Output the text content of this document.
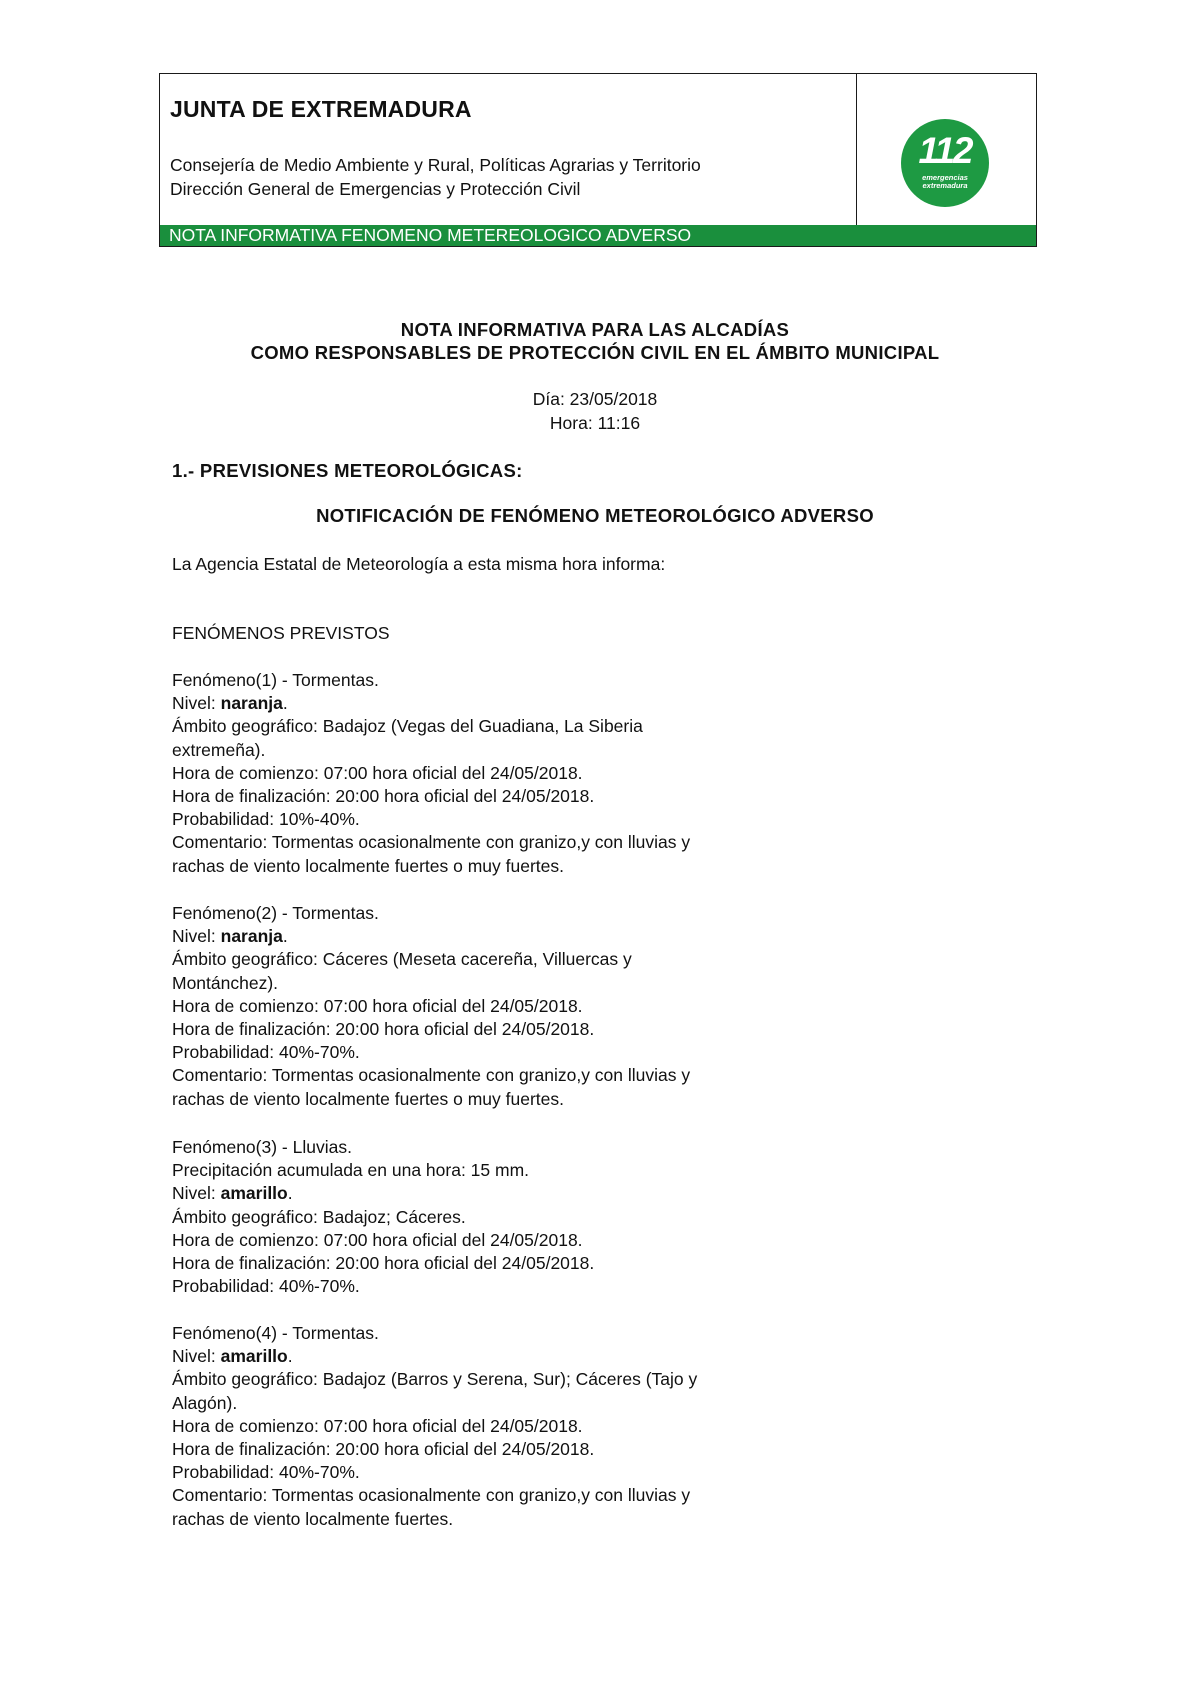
JUNTA DE EXTREMADURA
Consejería de Medio Ambiente y Rural, Políticas Agrarias y Territorio
Dirección General de Emergencias y Protección Civil
112
emergencias
extremadura
NOTA INFORMATIVA FENOMENO METEREOLOGICO ADVERSO
NOTA INFORMATIVA PARA LAS ALCADÍAS
COMO RESPONSABLES DE PROTECCIÓN CIVIL EN EL ÁMBITO MUNICIPAL
Día: 23/05/2018
Hora: 11:16
1.- PREVISIONES METEOROLÓGICAS:
NOTIFICACIÓN DE FENÓMENO METEOROLÓGICO ADVERSO
La Agencia Estatal de Meteorología a esta misma hora informa:
FENÓMENOS PREVISTOS

Fenómeno(1) - Tormentas.

Nivel: naranja.

Ámbito geográfico: Badajoz (Vegas del Guadiana, La Siberia

extremeña).

Hora de comienzo: 07:00 hora oficial del 24/05/2018.

Hora de finalización: 20:00 hora oficial del 24/05/2018.

Probabilidad: 10%-40%.

Comentario: Tormentas ocasionalmente con granizo,y con lluvias y

rachas de viento localmente fuertes o muy fuertes.

Fenómeno(2) - Tormentas.

Nivel: naranja.

Ámbito geográfico: Cáceres (Meseta cacereña, Villuercas y

Montánchez).

Hora de comienzo: 07:00 hora oficial del 24/05/2018.

Hora de finalización: 20:00 hora oficial del 24/05/2018.

Probabilidad: 40%-70%.

Comentario: Tormentas ocasionalmente con granizo,y con lluvias y

rachas de viento localmente fuertes o muy fuertes.

Fenómeno(3) - Lluvias.

Precipitación acumulada en una hora: 15 mm.

Nivel: amarillo.

Ámbito geográfico: Badajoz; Cáceres.

Hora de comienzo: 07:00 hora oficial del 24/05/2018.

Hora de finalización: 20:00 hora oficial del 24/05/2018.

Probabilidad: 40%-70%.

Fenómeno(4) - Tormentas.

Nivel: amarillo.

Ámbito geográfico: Badajoz (Barros y Serena, Sur); Cáceres (Tajo y

Alagón).

Hora de comienzo: 07:00 hora oficial del 24/05/2018.

Hora de finalización: 20:00 hora oficial del 24/05/2018.

Probabilidad: 40%-70%.

Comentario: Tormentas ocasionalmente con granizo,y con lluvias y

rachas de viento localmente fuertes.
